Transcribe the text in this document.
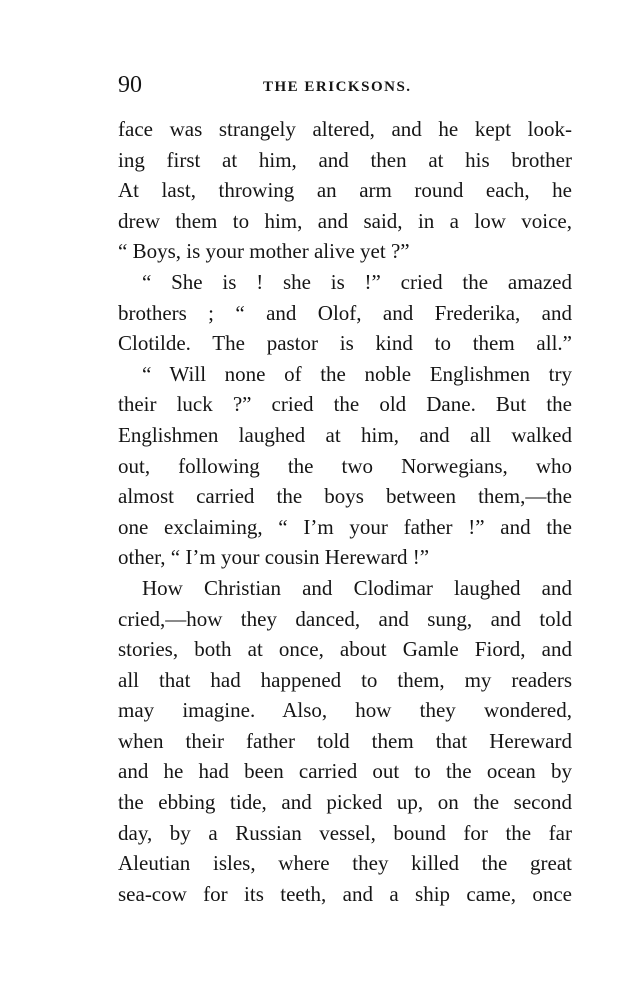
90	THE ERICKSONS.
face was strangely altered, and he kept look-
ing first at him, and then at his brother
At last, throwing an arm round each, he
drew them to him, and said, in a low voice,
“ Boys, is your mother alive yet ?”
“ She is ! she is !” cried the amazed
brothers ; “ and Olof, and Frederika, and
Clotilde. The pastor is kind to them all.”
“ Will none of the noble Englishmen try
their luck ?” cried the old Dane. But the
Englishmen laughed at him, and all walked
out, following the two Norwegians, who
almost carried the boys between them,—the
one exclaiming, “ I’m your father !” and the
other, “ I’m your cousin Hereward !”
How Christian and Clodimar laughed and
cried,—how they danced, and sung, and told
stories, both at once, about Gamle Fiord, and
all that had happened to them, my readers
may imagine. Also, how they wondered,
when their father told them that Hereward
and he had been carried out to the ocean by
the ebbing tide, and picked up, on the second
day, by a Russian vessel, bound for the far
Aleutian isles, where they killed the great
sea-cow for its teeth, and a ship came, once
